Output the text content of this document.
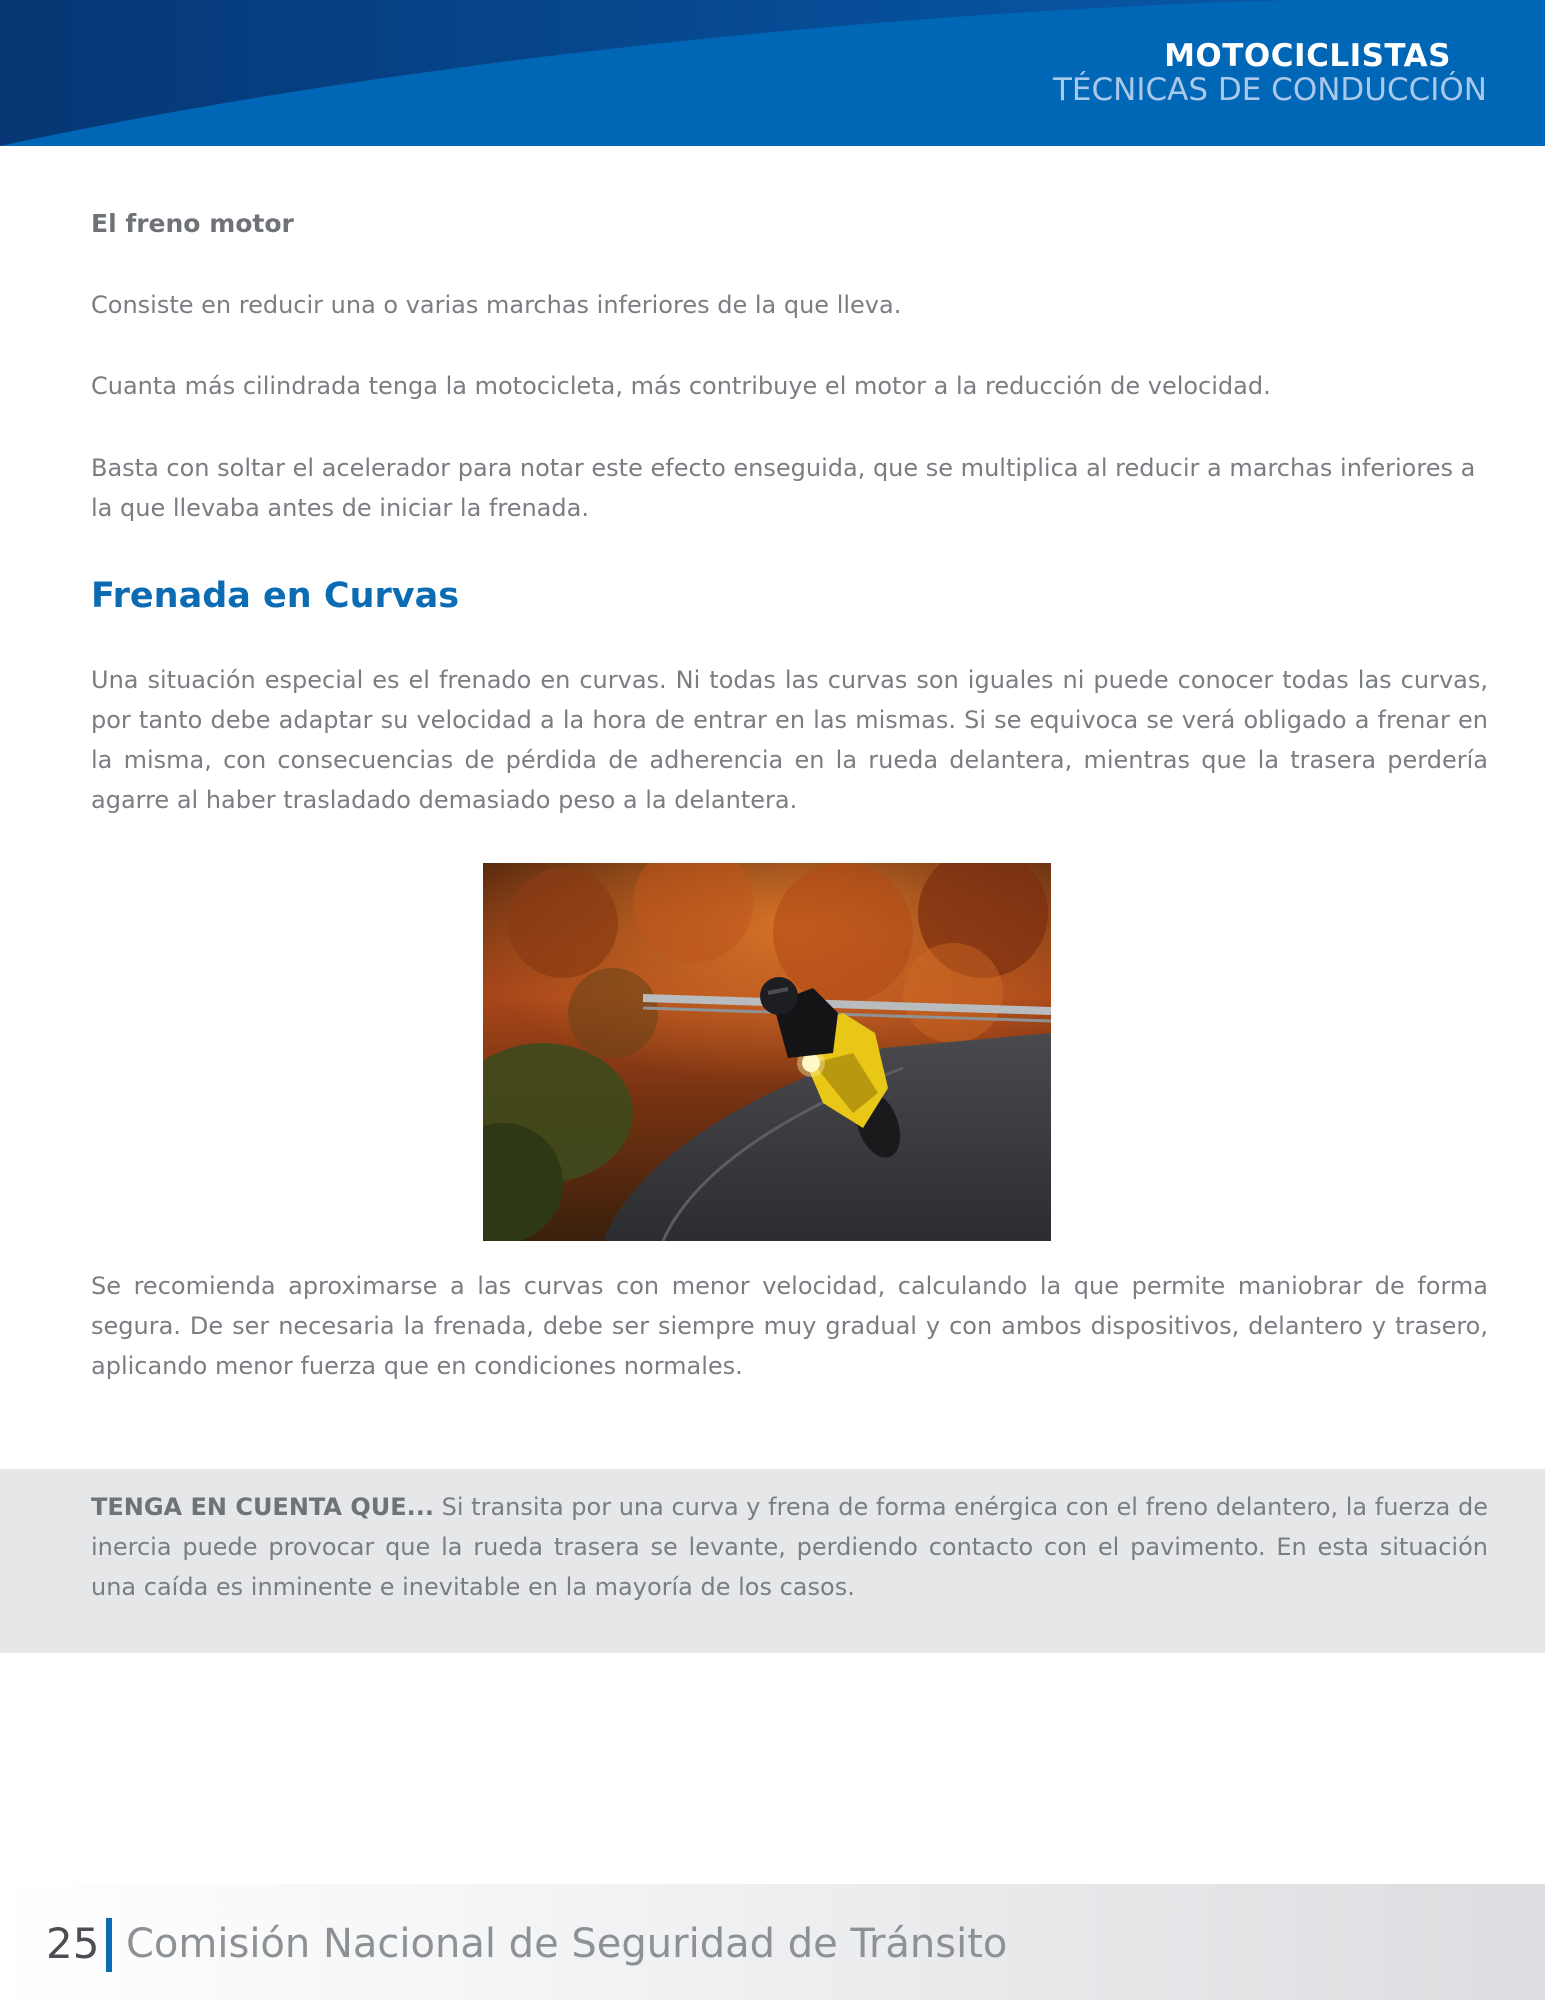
MOTOCICLISTAS
TÉCNICAS DE CONDUCCIÓN
El freno motor

Consiste en reducir una o varias marchas inferiores de la que lleva.

Cuanta más cilindrada tenga la motocicleta, más contribuye el motor a la reducción de velocidad.

Basta con soltar el acelerador para notar este efecto enseguida, que se multiplica al reducir a marchas inferiores a la que llevaba antes de iniciar la frenada.

Frenada en Curvas

Una situación especial es el frenado en curvas. Ni todas las curvas son iguales ni puede conocer todas las curvas, por tanto debe adaptar su velocidad a la hora de entrar en las mismas. Si se equivoca se verá obligado a frenar en la misma, con consecuencias de pérdida de adherencia en la rueda delantera, mientras que la trasera perdería agarre al haber trasladado demasiado peso a la delantera.

Se recomienda aproximarse a las curvas con menor velocidad, calculando la que permite maniobrar de forma segura. De ser necesaria la frenada, debe ser siempre muy gradual y con ambos dispositivos, delantero y trasero, aplicando menor fuerza que en condiciones normales.

TENGA EN CUENTA QUE... Si transita por una curva y frena de forma enérgica con el freno delantero, la fuerza de inercia puede provocar que la rueda trasera se levante, perdiendo contacto con el pavimento. En esta situación una caída es inminente e inevitable en la mayoría de los casos.

25 Comisión Nacional de Seguridad de Tránsito
